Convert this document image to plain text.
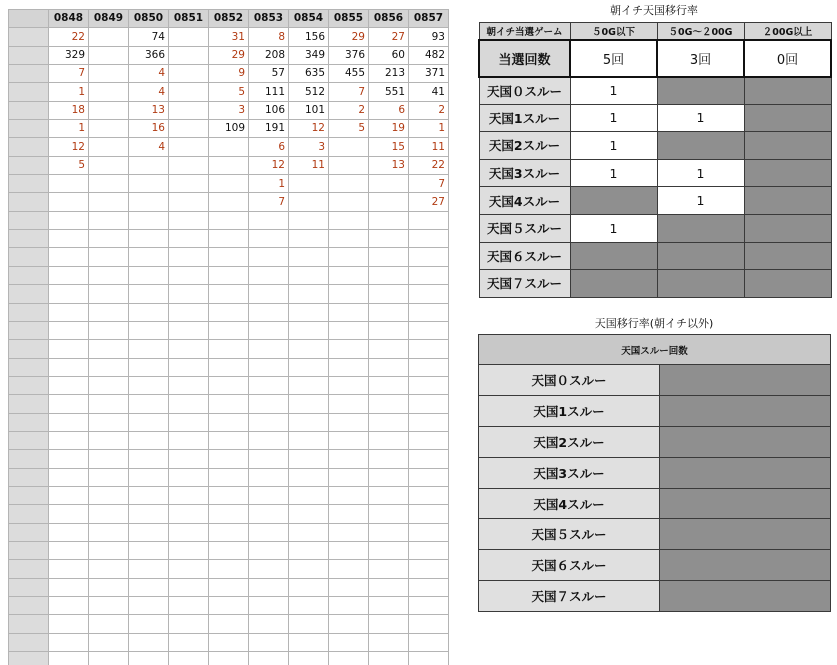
	0848	0849	0850	0851	0852	0853	0854	0855	0856	0857
	22		74		31	8	156	29	27	93
	329		366		29	208	349	376	60	482
	7		4		9	57	635	455	213	371
	1		4		5	111	512	7	551	41
	18		13		3	106	101	2	6	2
	1		16		109	191	12	5	19	1
	12		4			6	3		15	11
	5					12	11		13	22
						1				7
						7				27

朝イチ天国移行率
朝イチ当選ゲーム	５0G以下	５0G〜２00G	２00G以上
当選回数	5回	3回	0回
天国０スルー	1		
天国1スルー	1	1	
天国2スルー	1		
天国3スルー	1	1	
天国4スルー		1	
天国５スルー	1		
天国６スルー			
天国７スルー			
天国移行率(朝イチ以外)
天国スルー回数	
天国０スルー	
天国1スルー	
天国2スルー	
天国3スルー	
天国4スルー	
天国５スルー	
天国６スルー	
天国７スルー	
